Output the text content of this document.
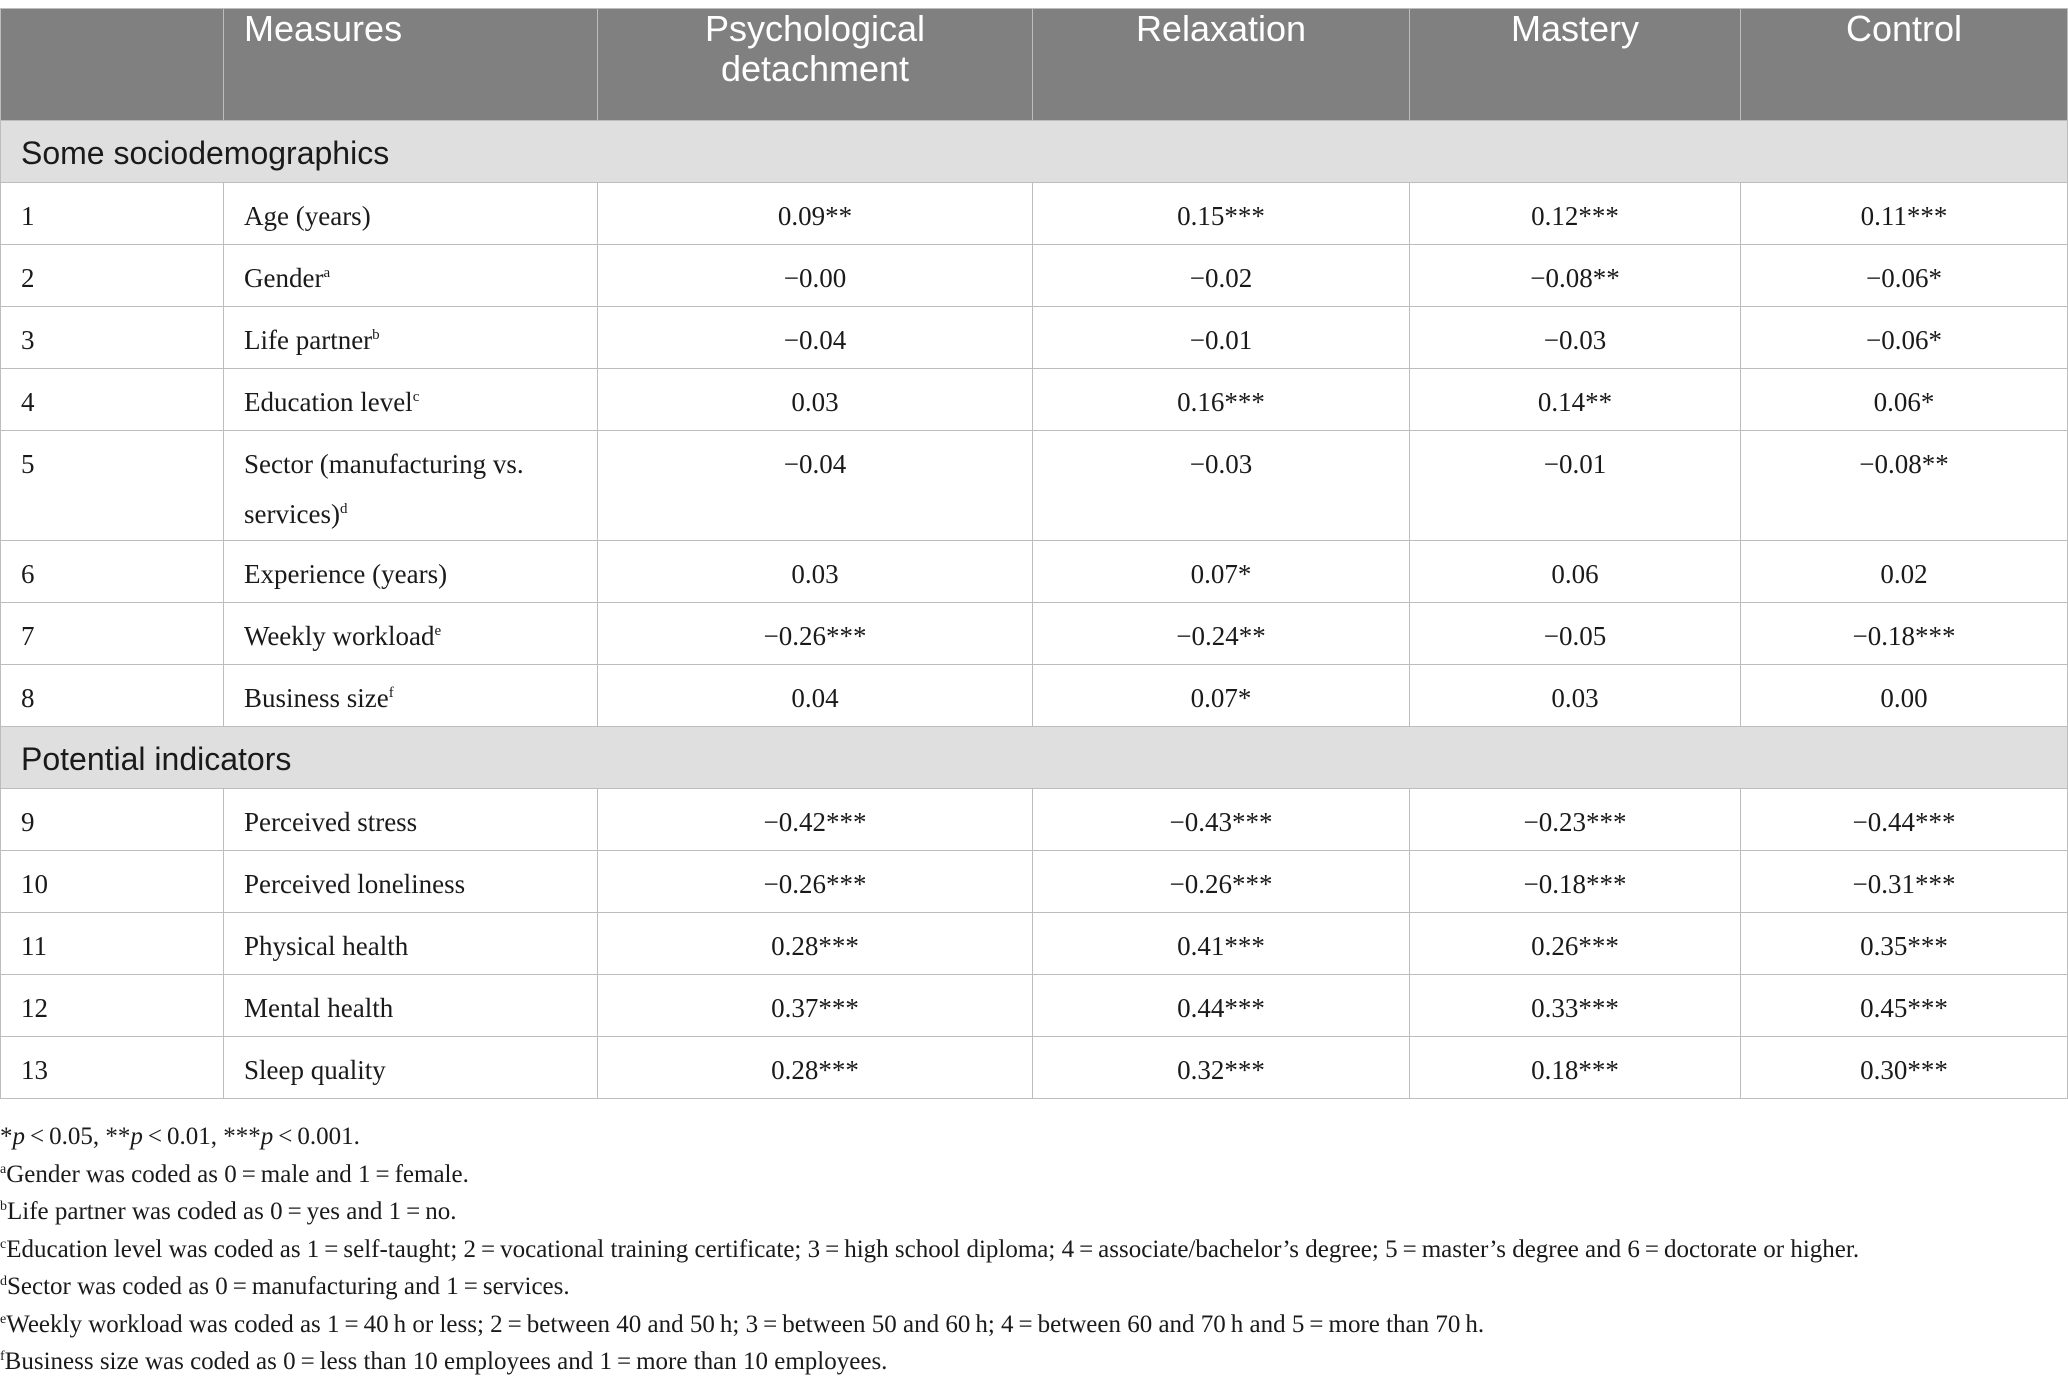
	Measures	Psychological
detachment	Relaxation	Mastery	Control
Some sociodemographics					
1	Age (years)	0.09**	0.15***	0.12***	0.11***
2	Gender$^a$	−0.00	−0.02	−0.08**	−0.06*
3	Life partner$^b$	−0.04	−0.01	−0.03	−0.06*
4	Education level$^c$	0.03	0.16***	0.14**	0.06*
5	Sector (manufacturing vs.
services)$^d$	−0.04	−0.03	−0.01	−0.08**
6	Experience (years)	0.03	0.07*	0.06	0.02
7	Weekly workload$^e$	−0.26***	−0.24**	−0.05	−0.18***
8	Business size$^f$	0.04	0.07*	0.03	0.00
Potential indicators					
9	Perceived stress	−0.42***	−0.43***	−0.23***	−0.44***
10	Perceived loneliness	−0.26***	−0.26***	−0.18***	−0.31***
11	Physical health	0.28***	0.41***	0.26***	0.35***
12	Mental health	0.37***	0.44***	0.33***	0.45***
13	Sleep quality	0.28***	0.32***	0.18***	0.30***
*p < 0.05, **p < 0.01, ***p < 0.001.
$^a$Gender was coded as 0 = male and 1 = female.
$^b$Life partner was coded as 0 = yes and 1 = no.
$^c$Education level was coded as 1 = self-taught; 2 = vocational training certificate; 3 = high school diploma; 4 = associate/bachelor’s degree; 5 = master’s degree and 6 = doctorate or higher.
$^d$Sector was coded as 0 = manufacturing and 1 = services.
$^e$Weekly workload was coded as 1 = 40 h or less; 2 = between 40 and 50 h; 3 = between 50 and 60 h; 4 = between 60 and 70 h and 5 = more than 70 h.
$^f$Business size was coded as 0 = less than 10 employees and 1 = more than 10 employees.
